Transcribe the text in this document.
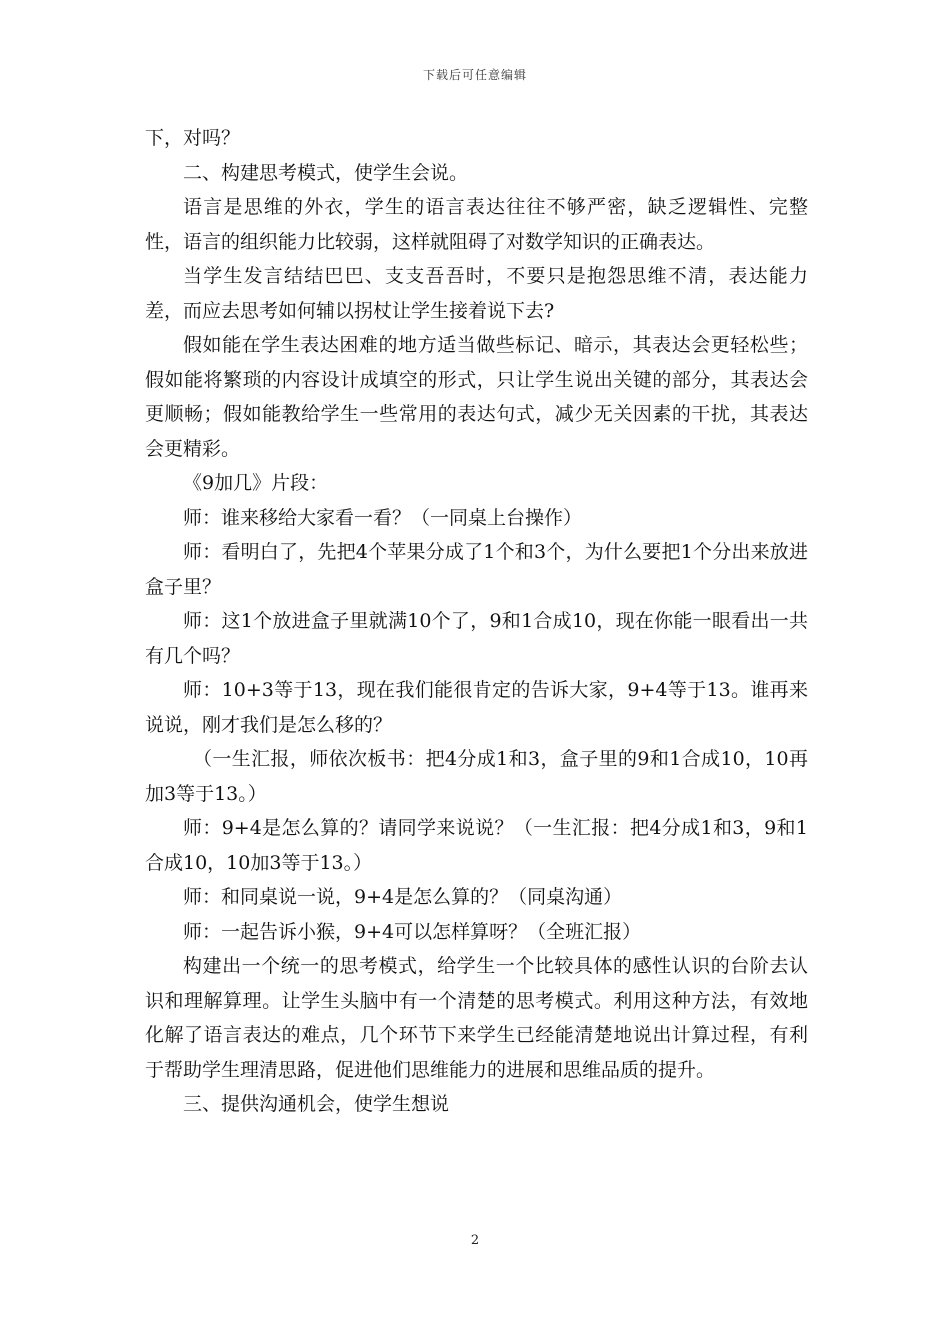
下载后可任意编辑

下，对吗？

二、构建思考模式，使学生会说。

语言是思维的外衣，学生的语言表达往往不够严密，缺乏逻辑性、完整性，语言的组织能力比较弱，这样就阻碍了对数学知识的正确表达。

当学生发言结结巴巴、支支吾吾时，不要只是抱怨思维不清，表达能力差，而应去思考如何辅以拐杖让学生接着说下去?

假如能在学生表达困难的地方适当做些标记、暗示，其表达会更轻松些；假如能将繁琐的内容设计成填空的形式，只让学生说出关键的部分，其表达会更顺畅；假如能教给学生一些常用的表达句式，减少无关因素的干扰，其表达会更精彩。

《9加几》片段：

师：谁来移给大家看一看？（一同桌上台操作）

师：看明白了，先把4个苹果分成了1个和3个，为什么要把1个分出来放进盒子里？

师：这1个放进盒子里就满10个了，9和1合成10，现在你能一眼看出一共有几个吗？

师：10+3等于13，现在我们能很肯定的告诉大家，9+4等于13。谁再来说说，刚才我们是怎么移的？

（一生汇报，师依次板书：把4分成1和3，盒子里的9和1合成10，10再加3等于13。）

师：9+4是怎么算的？请同学来说说？（一生汇报：把4分成1和3，9和1合成10，10加3等于13。）

师：和同桌说一说，9+4是怎么算的？（同桌沟通）

师：一起告诉小猴，9+4可以怎样算呀？（全班汇报）

构建出一个统一的思考模式，给学生一个比较具体的感性认识的台阶去认识和理解算理。让学生头脑中有一个清楚的思考模式。利用这种方法，有效地化解了语言表达的难点，几个环节下来学生已经能清楚地说出计算过程，有利于帮助学生理清思路，促进他们思维能力的进展和思维品质的提升。

三、提供沟通机会，使学生想说

2
